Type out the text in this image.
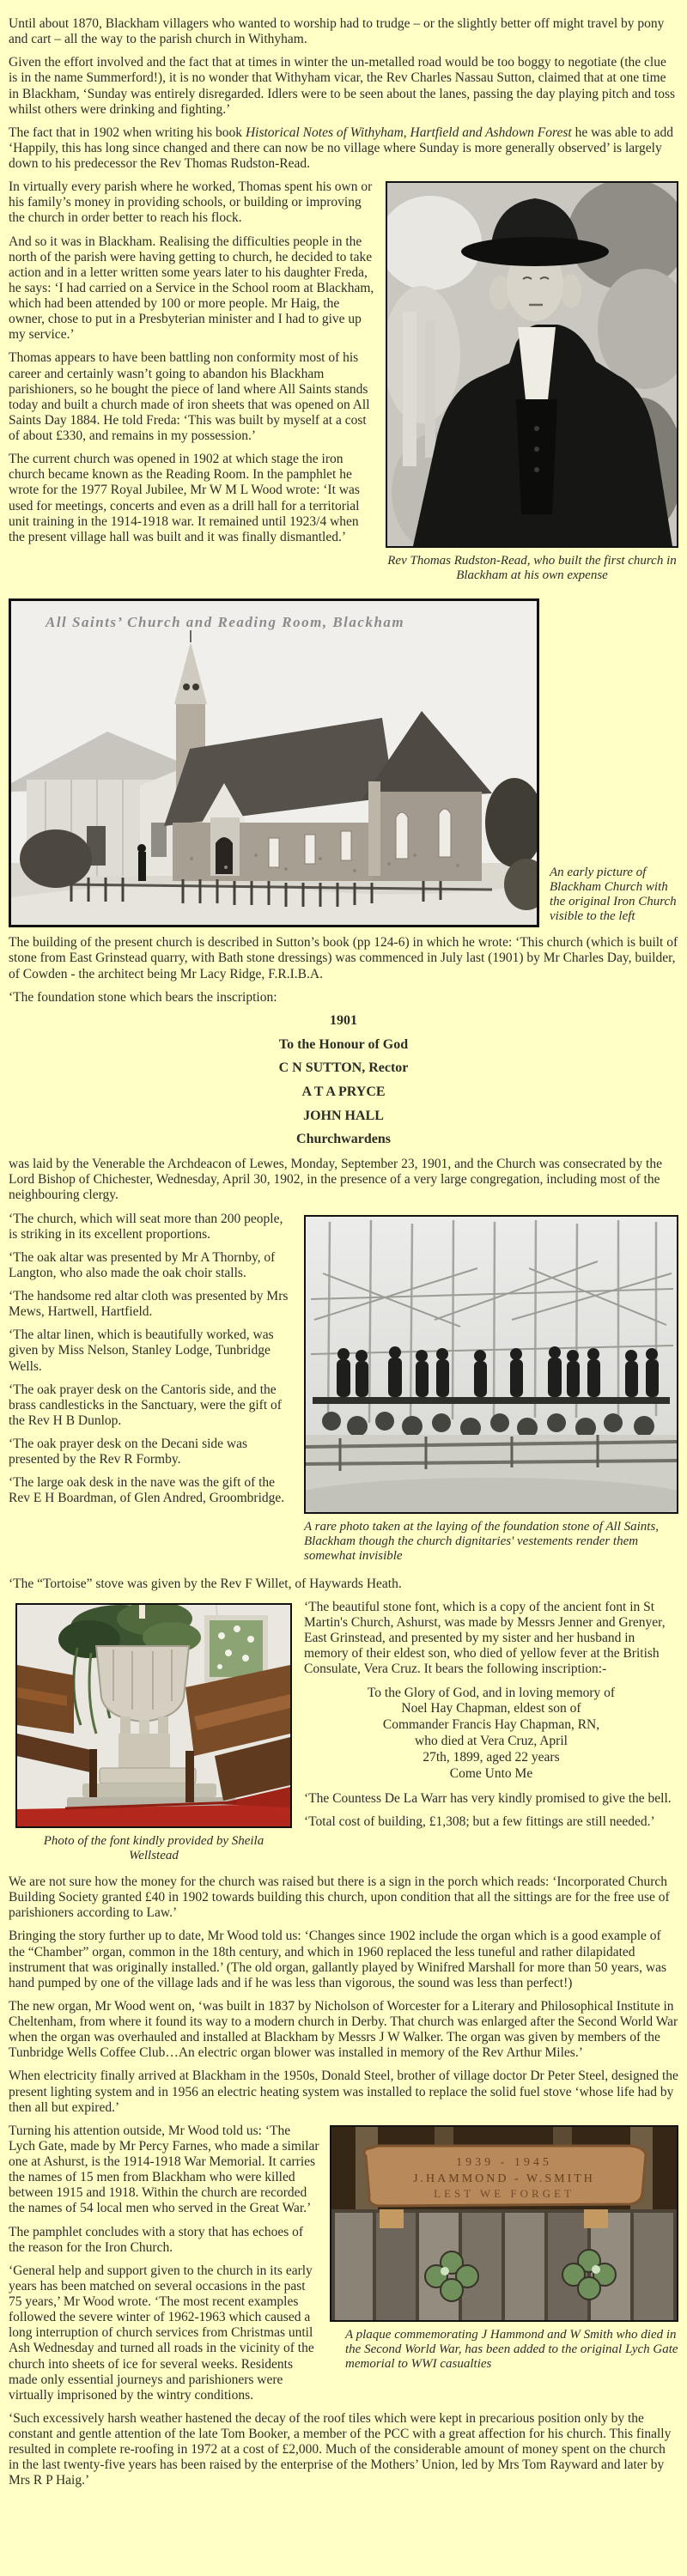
Until about 1870, Blackham villagers who wanted to worship had to trudge – or the slightly better off might travel by pony and cart – all the way to the parish church in Withyham.

Given the effort involved and the fact that at times in winter the un-metalled road would be too boggy to negotiate (the clue is in the name Summerford!), it is no wonder that Withyham vicar, the Rev Charles Nassau Sutton, claimed that at one time in Blackham, ‘Sunday was entirely disregarded. Idlers were to be seen about the lanes, passing the day playing pitch and toss whilst others were drinking and fighting.’

The fact that in 1902 when writing his book Historical Notes of Withyham, Hartfield and Ashdown Forest he was able to add ‘Happily, this has long since changed and there can now be no village where Sunday is more generally observed’ is largely down to his predecessor the Rev Thomas Rudston-Read.

Rev Thomas Rudston-Read, who built the first church in Blackham at his own expense

In virtually every parish where he worked, Thomas spent his own or his family’s money in providing schools, or building or improving the church in order better to reach his flock.

And so it was in Blackham. Realising the difficulties people in the north of the parish were having getting to church, he decided to take action and in a letter written some years later to his daughter Freda, he says: ‘I had carried on a Service in the School room at Blackham, which had been attended by 100 or more people. Mr Haig, the owner, chose to put in a Presbyterian minister and I had to give up my service.’

Thomas appears to have been battling non conformity most of his career and certainly wasn’t going to abandon his Blackham parishioners, so he bought the piece of land where All Saints stands today and built a church made of iron sheets that was opened on All Saints Day 1884. He told Freda: ‘This was built by myself at a cost of about £330, and remains in my possession.’

The current church was opened in 1902 at which stage the iron church became known as the Reading Room. In the pamphlet he wrote for the 1977 Royal Jubilee, Mr W M L Wood wrote: ‘It was used for meetings, concerts and even as a drill hall for a territorial unit training in the 1914-1918 war. It remained until 1923/4 when the present village hall was built and it was finally dismantled.’

All Saints’ Church and Reading Room, Blackham
An early picture of Blackham Church with the original Iron Church visible to the left

The building of the present church is described in Sutton’s book (pp 124-6) in which he wrote: ‘This church (which is built of stone from East Grinstead quarry, with Bath stone dressings) was commenced in July last (1901) by Mr Charles Day, builder, of Cowden - the architect being Mr Lacy Ridge, F.R.I.B.A.

‘The foundation stone which bears the inscription:

1901
To the Honour of God
C N SUTTON, Rector
A T A PRYCE
JOHN HALL
Churchwardens

was laid by the Venerable the Archdeacon of Lewes, Monday, September 23, 1901, and the Church was consecrated by the Lord Bishop of Chichester, Wednesday, April 30, 1902, in the presence of a very large congregation, including most of the neighbouring clergy.

A rare photo taken at the laying of the foundation stone of All Saints, Blackham though the church dignitaries' vestements render them somewhat invisible

‘The church, which will seat more than 200 people, is striking in its excellent proportions.

‘The oak altar was presented by Mr A Thornby, of Langton, who also made the oak choir stalls.

‘The handsome red altar cloth was presented by Mrs Mews, Hartwell, Hartfield.

‘The altar linen, which is beautifully worked, was given by Miss Nelson, Stanley Lodge, Tunbridge Wells.

‘The oak prayer desk on the Cantoris side, and the brass candlesticks in the Sanctuary, were the gift of the Rev H B Dunlop.

‘The oak prayer desk on the Decani side was presented by the Rev R Formby.

‘The large oak desk in the nave was the gift of the Rev E H Boardman, of Glen Andred, Groombridge.

‘The “Tortoise” stove was given by the Rev F Willet, of Haywards Heath.

Photo of the font kindly provided by Sheila Wellstead

‘The beautiful stone font, which is a copy of the ancient font in St Martin's Church, Ashurst, was made by Messrs Jenner and Grenyer, East Grinstead, and presented by my sister and her husband in memory of their eldest son, who died of yellow fever at the British Consulate, Vera Cruz. It bears the following inscription:-

To the Glory of God, and in loving memory of
Noel Hay Chapman, eldest son of
Commander Francis Hay Chapman, RN,
who died at Vera Cruz, April
27th, 1899, aged 22 years
Come Unto Me

‘The Countess De La Warr has very kindly promised to give the bell.

‘Total cost of building, £1,308; but a few fittings are still needed.’

We are not sure how the money for the church was raised but there is a sign in the porch which reads: ‘Incorporated Church Building Society granted £40 in 1902 towards building this church, upon condition that all the sittings are for the free use of parishioners according to Law.’

Bringing the story further up to date, Mr Wood told us: ‘Changes since 1902 include the organ which is a good example of the “Chamber” organ, common in the 18th century, and which in 1960 replaced the less tuneful and rather dilapidated instrument that was originally installed.’ (The old organ, gallantly played by Winifred Marshall for more than 50 years, was hand pumped by one of the village lads and if he was less than vigorous, the sound was less than perfect!)

The new organ, Mr Wood went on, ‘was built in 1837 by Nicholson of Worcester for a Literary and Philosophical Institute in Cheltenham, from where it found its way to a modern church in Derby. That church was enlarged after the Second World War when the organ was overhauled and installed at Blackham by Messrs J W Walker. The organ was given by members of the Tunbridge Wells Coffee Club…An electric organ blower was installed in memory of the Rev Arthur Miles.’

When electricity finally arrived at Blackham in the 1950s, Donald Steel, brother of village doctor Dr Peter Steel, designed the present lighting system and in 1956 an electric heating system was installed to replace the solid fuel stove ‘whose life had by then all but expired.’

1939 - 1945
J.HAMMOND - W.SMITH
LEST WE FORGET
A plaque commemorating J Hammond and W Smith who died in the Second World War, has been added to the original Lych Gate memorial to WWI casualties

Turning his attention outside, Mr Wood told us: ‘The Lych Gate, made by Mr Percy Farnes, who made a similar one at Ashurst, is the 1914-1918 War Memorial. It carries the names of 15 men from Blackham who were killed between 1915 and 1918. Within the church are recorded the names of 54 local men who served in the Great War.’

The pamphlet concludes with a story that has echoes of the reason for the Iron Church.

‘General help and support given to the church in its early years has been matched on several occasions in the past 75 years,’ Mr Wood wrote. ‘The most recent examples followed the severe winter of 1962-1963 which caused a long interruption of church services from Christmas until Ash Wednesday and turned all roads in the vicinity of the church into sheets of ice for several weeks. Residents made only essential journeys and parishioners were virtually imprisoned by the wintry conditions.

‘Such excessively harsh weather hastened the decay of the roof tiles which were kept in precarious position only by the constant and gentle attention of the late Tom Booker, a member of the PCC with a great affection for his church. This finally resulted in complete re-roofing in 1972 at a cost of £2,000. Much of the considerable amount of money spent on the church in the last twenty-five years has been raised by the enterprise of the Mothers’ Union, led by Mrs Tom Rayward and later by Mrs R P Haig.’
